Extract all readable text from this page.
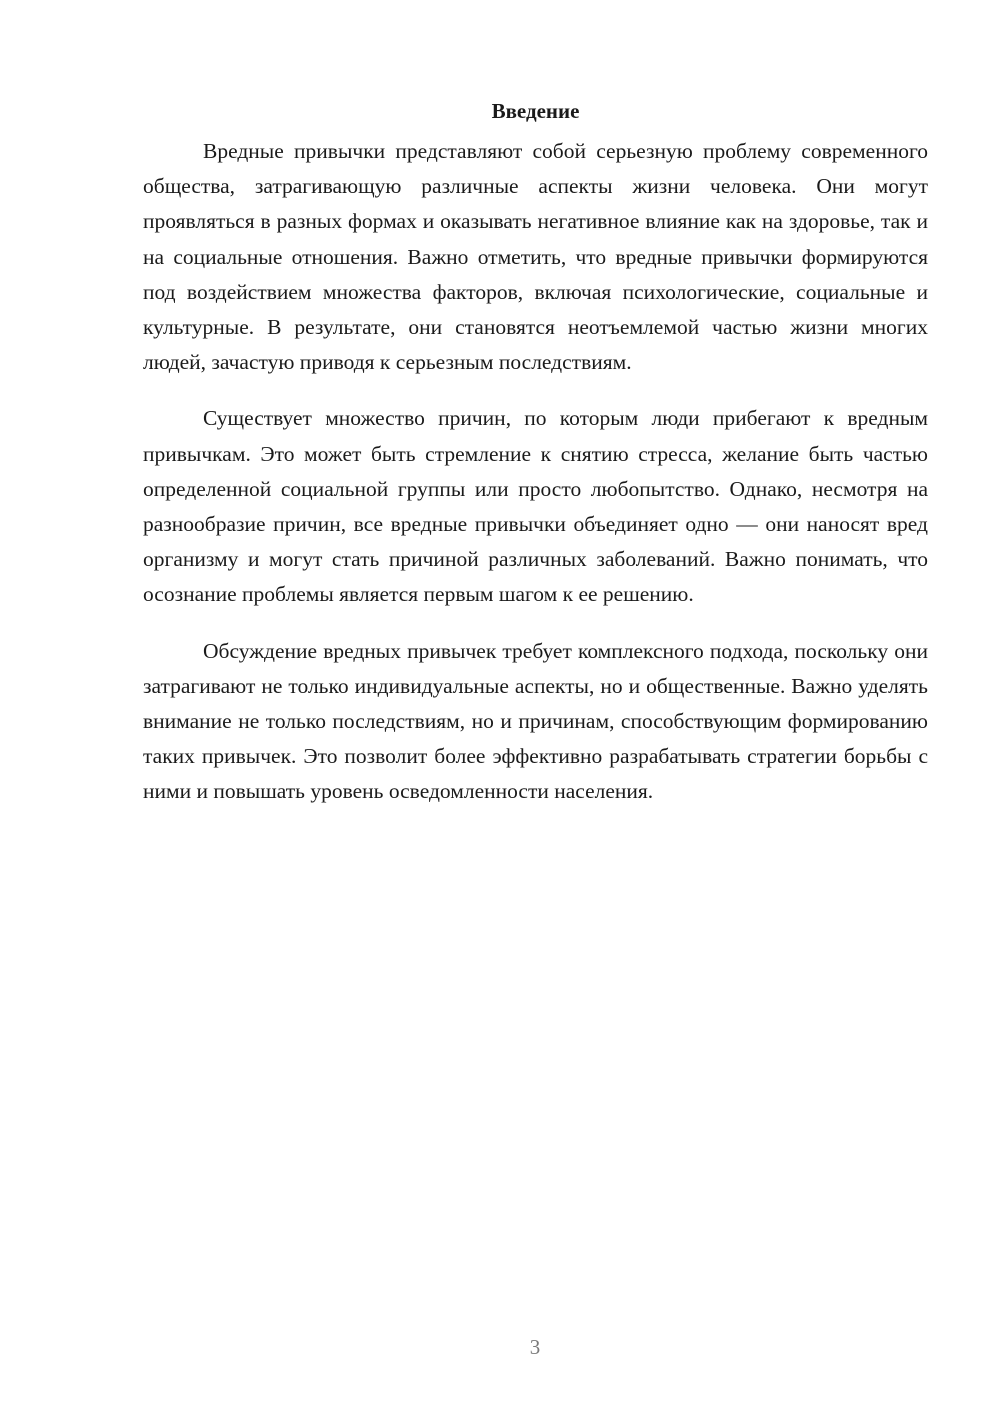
Введение

Вредные привычки представляют собой серьезную проблему современного общества, затрагивающую различные аспекты жизни человека. Они могут проявляться в разных формах и оказывать негативное влияние как на здоровье, так и на социальные отношения. Важно отметить, что вредные привычки формируются под воздействием множества факторов, включая психологические, социальные и культурные. В результате, они становятся неотъемлемой частью жизни многих людей, зачастую приводя к серьезным последствиям.

Существует множество причин, по которым люди прибегают к вредным привычкам. Это может быть стремление к снятию стресса, желание быть частью определенной социальной группы или просто любопытство. Однако, несмотря на разнообразие причин, все вредные привычки объединяет одно — они наносят вред организму и могут стать причиной различных заболеваний. Важно понимать, что осознание проблемы является первым шагом к ее решению.

Обсуждение вредных привычек требует комплексного подхода, поскольку они затрагивают не только индивидуальные аспекты, но и общественные. Важно уделять внимание не только последствиям, но и причинам, способствующим формированию таких привычек. Это позволит более эффективно разрабатывать стратегии борьбы с ними и повышать уровень осведомленности населения.

3
